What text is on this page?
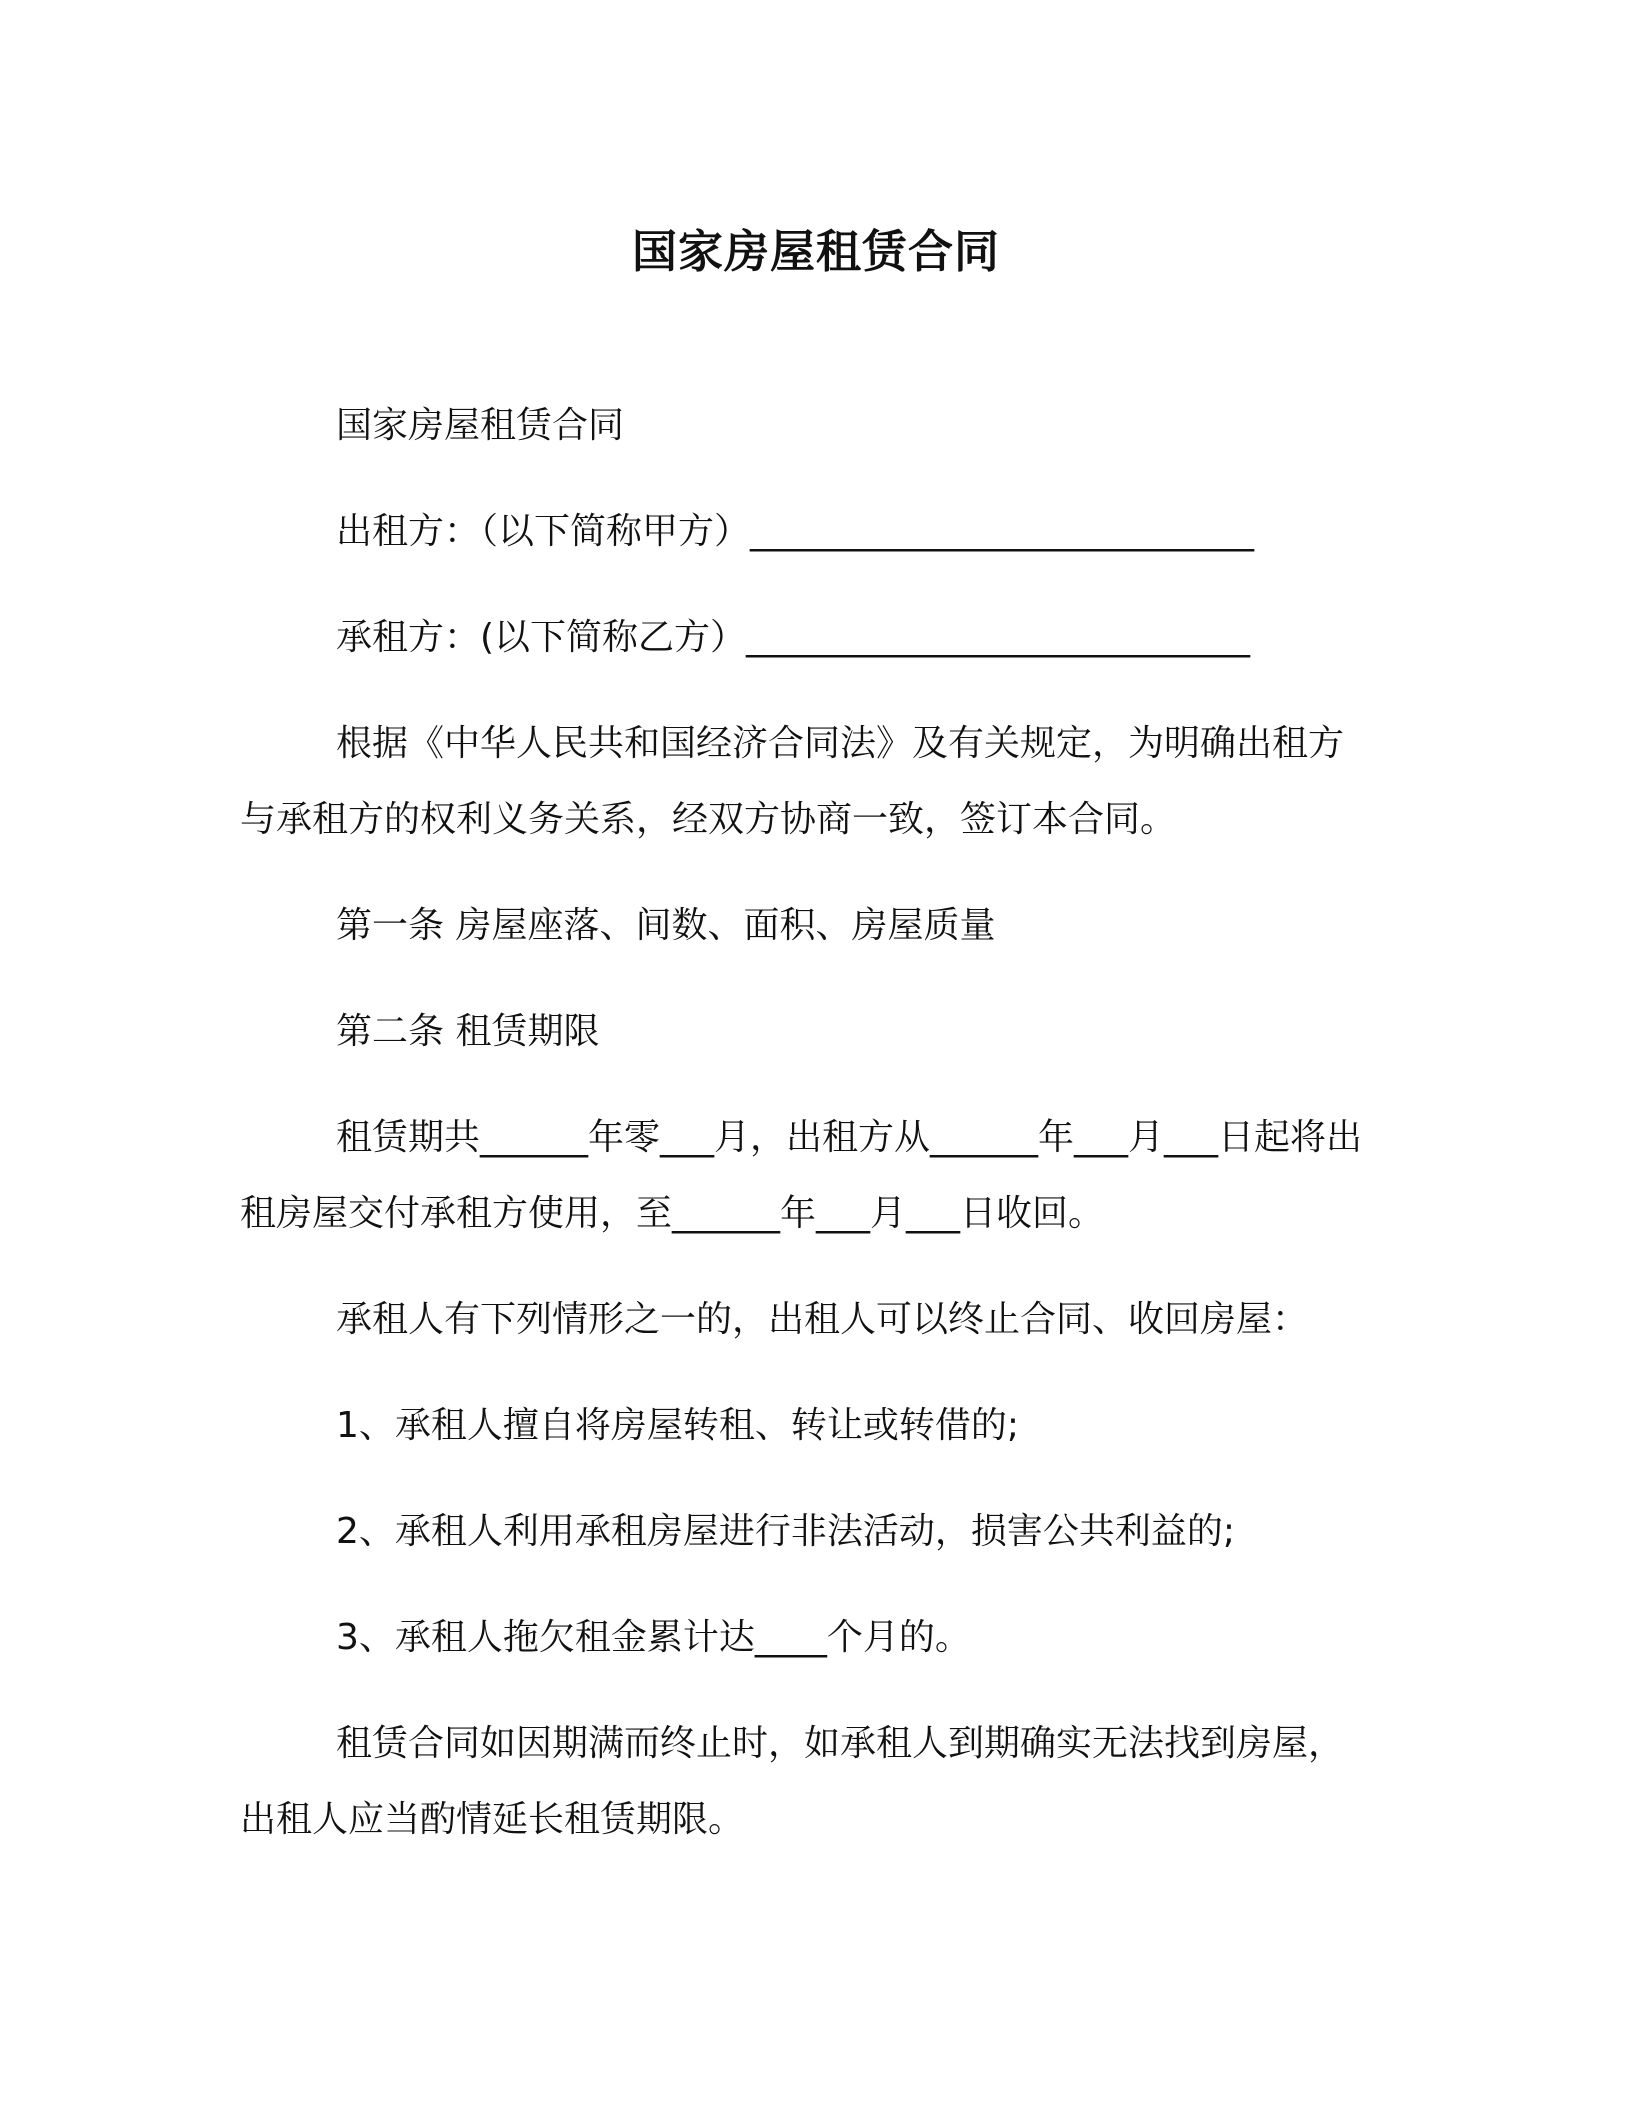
国家房屋租赁合同

国家房屋租赁合同

出租方：（以下简称甲方）____________________________

承租方：(以下简称乙方）____________________________

根据《中华人民共和国经济合同法》及有关规定，为明确出租方与承租方的权利义务关系，经双方协商一致，签订本合同。

第一条 房屋座落、间数、面积、房屋质量

第二条 租赁期限

租赁期共______年零___月，出租方从______年___月___日起将出租房屋交付承租方使用，至______年___月___日收回。

承租人有下列情形之一的，出租人可以终止合同、收回房屋：

1、承租人擅自将房屋转租、转让或转借的;

2、承租人利用承租房屋进行非法活动，损害公共利益的;

3、承租人拖欠租金累计达____个月的。

租赁合同如因期满而终止时，如承租人到期确实无法找到房屋，出租人应当酌情延长租赁期限。
